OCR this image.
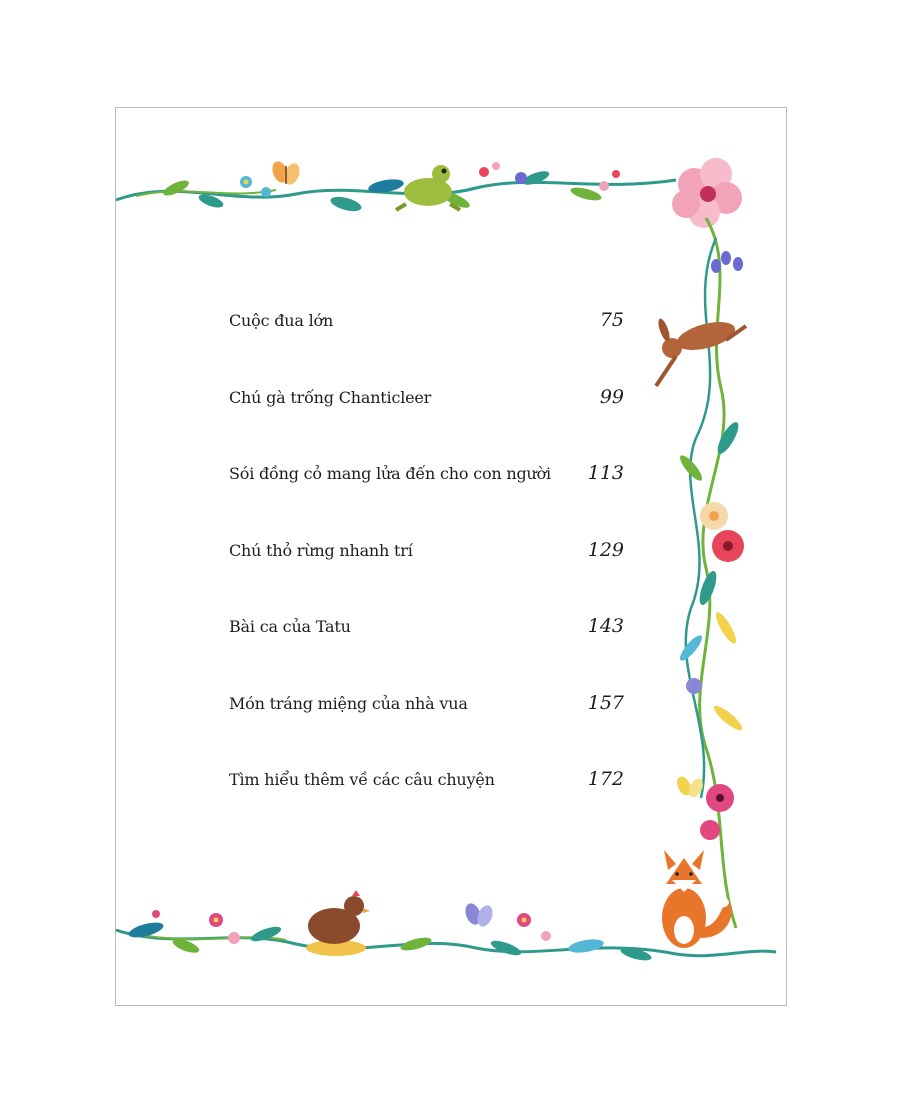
Cuộc đua lớn	75
Chú gà trống Chanticleer	99
Sói đồng cỏ mang lửa đến cho con người 113
Chú thỏ rừng nhanh trí	129
Bài ca của Tatu	143
Món tráng miệng của nhà vua	157
Tìm hiểu thêm về các câu chuyện	172
